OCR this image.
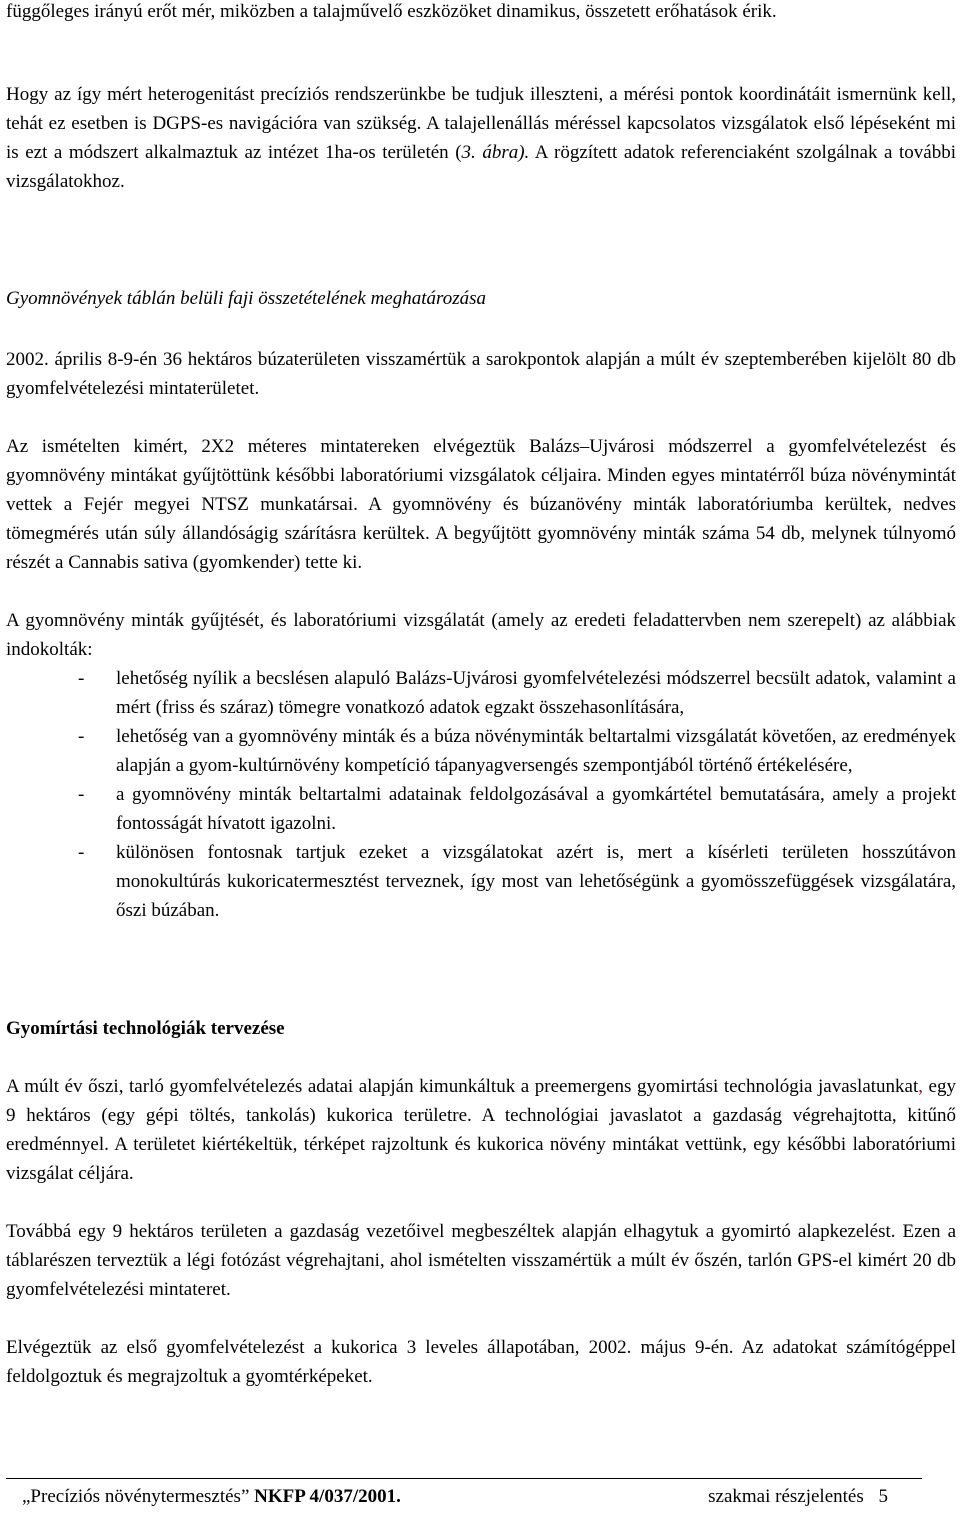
függőleges irányú erőt mér, miközben a talajművelő eszközöket dinamikus, összetett erőhatások érik.

Hogy az így mért heterogenitást precíziós rendszerünkbe be tudjuk illeszteni, a mérési pontok koordinátáit ismernünk kell, tehát ez esetben is DGPS-es navigációra van szükség. A talajellenállás méréssel kapcsolatos vizsgálatok első lépéseként mi is ezt a módszert alkalmaztuk az intézet 1ha-os területén (3. ábra). A rögzített adatok referenciaként szolgálnak a további vizsgálatokhoz.

Gyomnövények táblán belüli faji összetételének meghatározása

2002. április 8-9-én 36 hektáros búzaterületen visszamértük a sarokpontok alapján a múlt év szeptemberében kijelölt 80 db gyomfelvételezési mintaterületet.

Az ismételten kimért, 2X2 méteres mintatereken elvégeztük Balázs–Ujvárosi módszerrel a gyomfelvételezést és gyomnövény mintákat gyűjtöttünk későbbi laboratóriumi vizsgálatok céljaira. Minden egyes mintatérről búza növénymintát vettek a Fejér megyei NTSZ munkatársai. A gyomnövény és búzanövény minták laboratóriumba kerültek, nedves tömegmérés után súly állandóságig szárításra kerültek. A begyűjtött gyomnövény minták száma 54 db, melynek túlnyomó részét a Cannabis sativa (gyomkender) tette ki.

A gyomnövény minták gyűjtését, és laboratóriumi vizsgálatát (amely az eredeti feladattervben nem szerepelt) az alábbiak indokolták:

- lehetőség nyílik a becslésen alapuló Balázs-Ujvárosi gyomfelvételezési módszerrel becsült adatok, valamint a mért (friss és száraz) tömegre vonatkozó adatok egzakt összehasonlítására,
- lehetőség van a gyomnövény minták és a búza növényminták beltartalmi vizsgálatát követően, az eredmények alapján a gyom-kultúrnövény kompetíció tápanyagversengés szempontjából történő értékelésére,
- a gyomnövény minták beltartalmi adatainak feldolgozásával a gyomkártétel bemutatására, amely a projekt fontosságát hívatott igazolni.
- különösen fontosnak tartjuk ezeket a vizsgálatokat azért is, mert a kísérleti területen hosszútávon monokultúrás kukoricatermesztést terveznek, így most van lehetőségünk a gyomösszefüggések vizsgálatára, őszi búzában.

Gyomírtási technológiák tervezése

A múlt év őszi, tarló gyomfelvételezés adatai alapján kimunkáltuk a preemergens gyomirtási technológia javaslatunkat, egy 9 hektáros (egy gépi töltés, tankolás) kukorica területre. A technológiai javaslatot a gazdaság végrehajtotta, kitűnő eredménnyel. A területet kiértékeltük, térképet rajzoltunk és kukorica növény mintákat vettünk, egy későbbi laboratóriumi vizsgálat céljára.

Továbbá egy 9 hektáros területen a gazdaság vezetőivel megbeszéltek alapján elhagytuk a gyomirtó alapkezelést. Ezen a táblarészen terveztük a légi fotózást végrehajtani, ahol ismételten visszamértük a múlt év őszén, tarlón GPS-el kimért 20 db gyomfelvételezési mintateret.

Elvégeztük az első gyomfelvételezést a kukorica 3 leveles állapotában, 2002. május 9-én. Az adatokat számítógéppel feldolgoztuk és megrajzoltuk a gyomtérképeket.

„Precíziós növénytermesztés” NKFP 4/037/2001.	szakmai részjelentés 5
